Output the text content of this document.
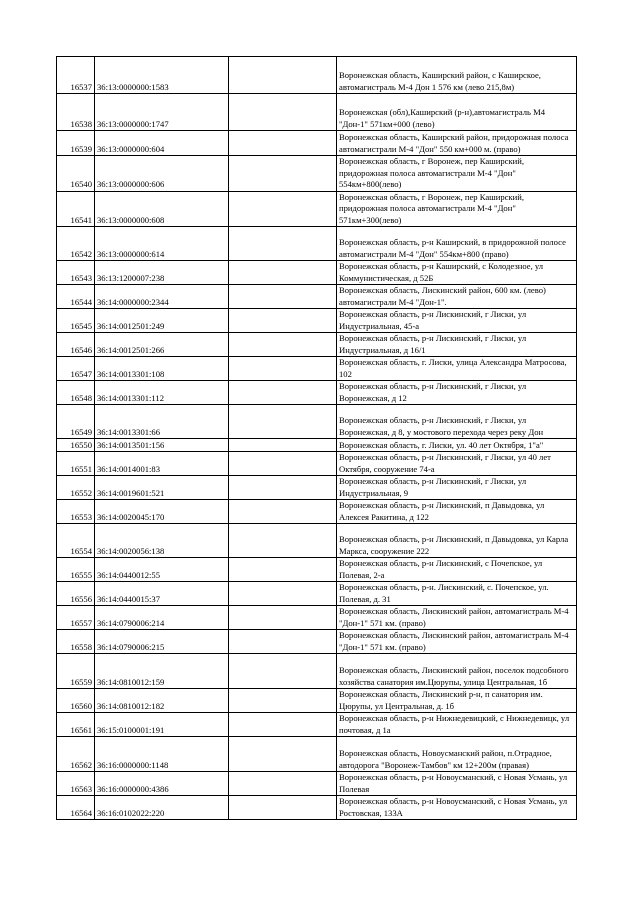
16537	36:13:0000000:1583		Воронежская область, Каширский район, с Каширское, автомагистраль М-4 Дон 1 576 км (лево 215,8м)
16538	36:13:0000000:1747		Воронежская (обл),Каширский (р-н),автомагистраль М4 "Дон-1" 571км+000 (лево)
16539	36:13:0000000:604		Воронежская область, Каширский район, придорожная полоса автомагистрали М-4 "Дон" 550 км+000 м. (право)
16540	36:13:0000000:606		Воронежская область, г Воронеж, пер Каширский, придорожная полоса автомагистрали М-4 "Дон" 554км+800(лево)
16541	36:13:0000000:608		Воронежская область, г Воронеж, пер Каширский, придорожная полоса автомагистрали М-4 "Дон" 571км+300(лево)
16542	36:13:0000000:614		Воронежская область, р-н Каширский, в придорожной полосе автомагистрали М-4 "Дон" 554км+800 (право)
16543	36:13:1200007:238		Воронежская область, р-н Каширский, с Колодезное, ул Коммунистическая, д 52Б
16544	36:14:0000000:2344		Воронежская область, Лискинский район, 600 км. (лево) автомагистрали М-4 "Дон-1".
16545	36:14:0012501:249		Воронежская область, р-н Лискинский, г Лиски, ул Индустриальная, 45-а
16546	36:14:0012501:266		Воронежская область, р-н Лискинский, г Лиски, ул Индустриальная, д 16/1
16547	36:14:0013301:108		Воронежская область, г. Лиски, улица Александра Матросова, 102
16548	36:14:0013301:112		Воронежская область, р-н Лискинский, г Лиски, ул Воронежская, д 12
16549	36:14:0013301:66		Воронежская область, р-н Лискинский, г Лиски, ул Воронежская, д 8, у мостового перехода через реку Дон
16550	36:14:0013501:156		Воронежская область, г. Лиски, ул. 40 лет Октября, 1"а"
16551	36:14:0014001:83		Воронежская область, р-н Лискинский, г Лиски, ул 40 лет Октября, сооружение 74-а
16552	36:14:0019601:521		Воронежская область, р-н Лискинский, г Лиски, ул Индустриальная, 9
16553	36:14:0020045:170		Воронежская область, р-н Лискинский, п Давыдовка, ул Алексея Ракитина, д 122
16554	36:14:0020056:138		Воронежская область, р-н Лискинский, п Давыдовка, ул Карла Маркса, сооружение 222
16555	36:14:0440012:55		Воронежская область, р-н Лискинский, с Почепское, ул Полевая, 2-а
16556	36:14:0440015:37		Воронежская область, р-н. Лискинский, с. Почепское, ул. Полевая, д. 31
16557	36:14:0790006:214		Воронежская область, Лискинский район, автомагистраль М-4 "Дон-1" 571 км. (право)
16558	36:14:0790006:215		Воронежская область, Лискинский район, автомагистраль М-4 "Дон-1" 571 км. (право)
16559	36:14:0810012:159		Воронежская область, Лискинский район, поселок подсобного хозяйства санатория им.Цюрупы, улица Центральная, 1б
16560	36:14:0810012:182		Воронежская область, Лискинский р-н, п санатория им. Цюрупы, ул Центральная, д. 1б
16561	36:15:0100001:191		Воронежская область, р-н Нижнедевицкий, с Нижнедевицк, ул почтовая, д 1а
16562	36:16:0000000:1148		Воронежская область, Новоусманский район, п.Отрадное, автодорога "Воронеж-Тамбов" км 12+200м (правая)
16563	36:16:0000000:4386		Воронежская область, р-н Новоусманский, с Новая Усмань, ул Полевая
16564	36:16:0102022:220		Воронежская область, р-н Новоусманский, с Новая Усмань, ул Ростовская, 133А
